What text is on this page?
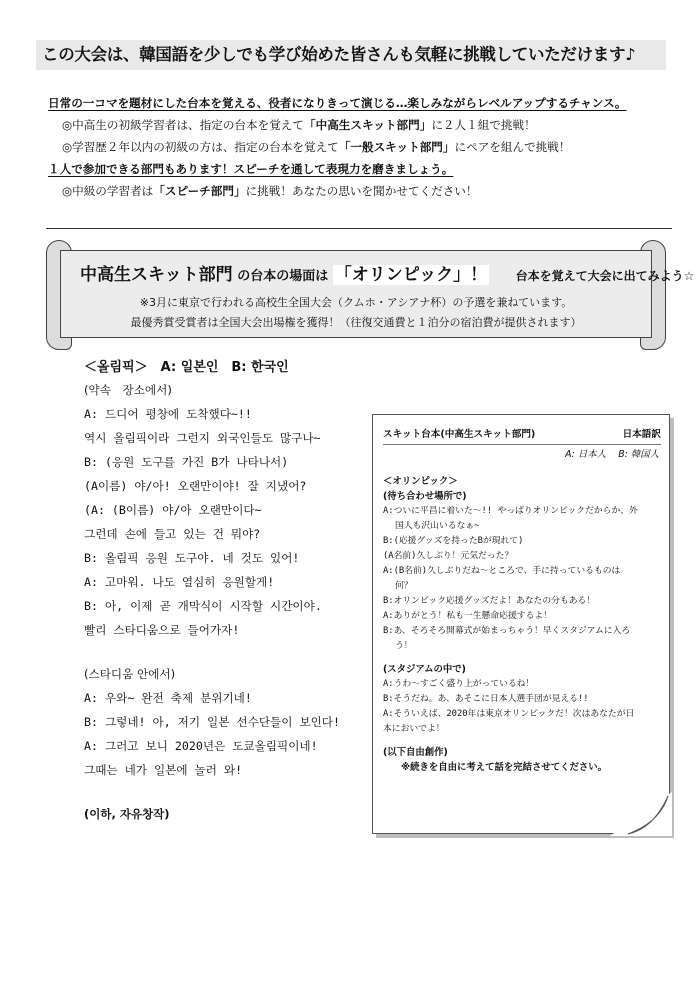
この大会は、韓国語を少しでも学び始めた皆さんも気軽に挑戦していただけます♪
日常の一コマを題材にした台本を覚える、役者になりきって演じる…楽しみながらレベルアップするチャンス。
◎中高生の初級学習者は、指定の台本を覚えて「中高生スキット部門」に２人１組で挑戦！
◎学習歴２年以内の初級の方は、指定の台本を覚えて「一般スキット部門」にペアを組んで挑戦！
１人で参加できる部門もあります！スピーチを通して表現力を磨きましょう。
◎中級の学習者は「スピーチ部門」に挑戦！あなたの思いを聞かせてください！
中高生スキット部門 の台本の場面は 「オリンピック」！ 台本を覚えて大会に出てみよう☆
※3月に東京で行われる高校生全国大会（クムホ・アシアナ杯）の予選を兼ねています。
最優秀賞受賞者は全国大会出場権を獲得！（往復交通費と１泊分の宿泊費が提供されます）
＜올림픽＞　A: 일본인　B: 한국인
(약속　장소에서)
A: 드디어 평창에 도착했다~!!
역시 올림픽이라 그런지 외국인들도 많구나~
B: (응원 도구를 가진 B가 나타나서)
(A이름) 야/아! 오랜만이야! 잘 지냈어?
(A: (B이름) 야/아 오랜만이다~
그런데 손에 들고 있는 건 뭐야?
B: 올림픽 응원 도구야. 네 것도 있어!
A: 고마워. 나도 열심히 응원할게!
B: 아, 이제 곧 개막식이 시작할 시간이야.
빨리 스타디움으로 들어가자!
(스타디움 안에서)
A: 우와~ 완전 축제 분위기네!
B: 그렇네! 아, 저기 일본 선수단들이 보인다!
A: 그러고 보니 2020년은 도쿄올림픽이네!
그때는 네가 일본에 놀러 와!
(이하, 자유창작)
スキット台本(中高生スキット部門)	日本語訳
A: 日本人　 B: 韓国人
＜オリンピック＞
(待ち合わせ場所で)
A:ついに平昌に着いた〜!! やっぱりオリンピックだからか、外
国人も沢山いるなぁ~
B:(応援グッズを持ったBが現れて)
(A名前)久しぶり！元気だった？
A:(B名前)久しぶりだね〜ところで、手に持っているものは
何？
B:オリンピック応援グッズだよ！あなたの分もある！
A:ありがとう！私も一生懸命応援するよ！
B:あ、そろそろ開幕式が始まっちゃう！早くスタジアムに入ろ
う！
(スタジアムの中で)
A:うわ〜すごく盛り上がっているね！
B:そうだね。あ、あそこに日本人選手団が見える!!
A:そういえば、2020年は東京オリンピックだ！次はあなたが日
本においでよ！
(以下自由創作)
※続きを自由に考えて話を完結させてください。
